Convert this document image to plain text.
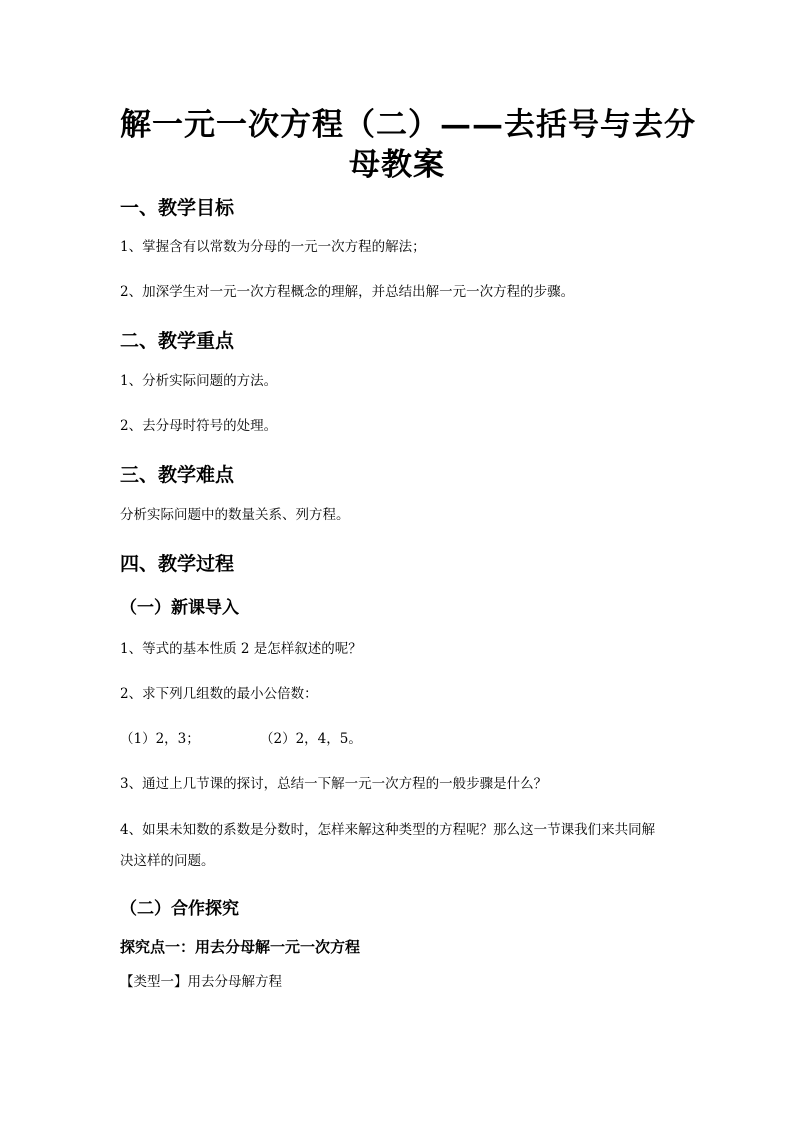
解一元一次方程（二）——去括号与去分
母教案
一、教学目标
1、掌握含有以常数为分母的一元一次方程的解法；
2、加深学生对一元一次方程概念的理解，并总结出解一元一次方程的步骤。
二、教学重点
1、分析实际问题的方法。
2、去分母时符号的处理。
三、教学难点
分析实际问题中的数量关系、列方程。
四、教学过程
（一）新课导入
1、等式的基本性质 2 是怎样叙述的呢？
2、求下列几组数的最小公倍数：
（1）2，3；	（2）2，4，5。
3、通过上几节课的探讨，总结一下解一元一次方程的一般步骤是什么？
4、如果未知数的系数是分数时，怎样来解这种类型的方程呢？那么这一节课我们来共同解
决这样的问题。
（二）合作探究
探究点一：用去分母解一元一次方程
【类型一】用去分母解方程
